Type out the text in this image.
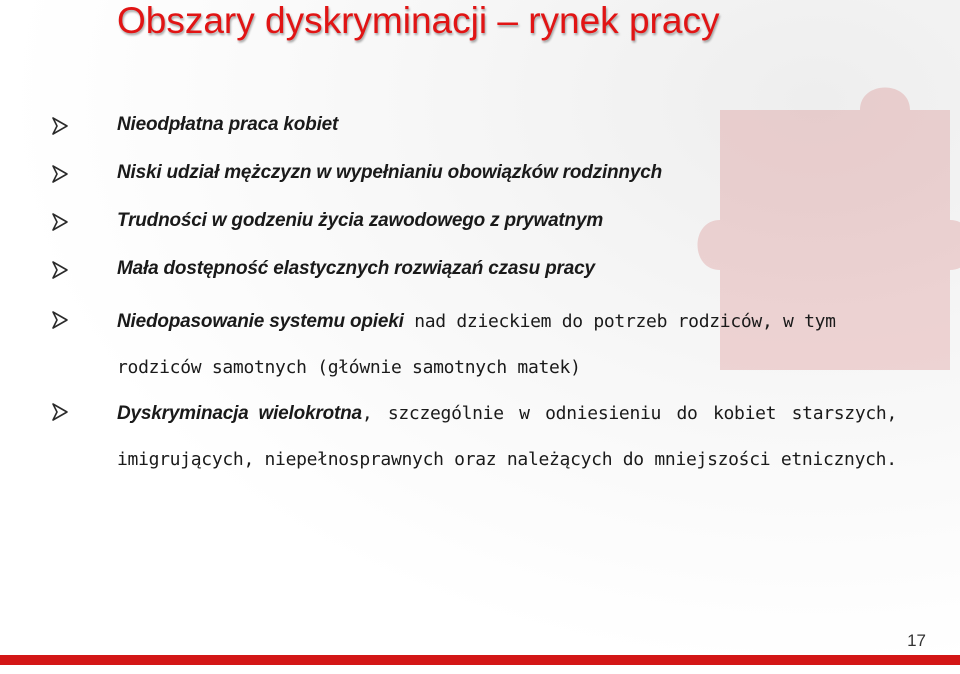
Obszary dyskryminacji – rynek pracy
Nieodpłatna praca kobiet
Niski udział mężczyzn w wypełnianiu obowiązków rodzinnych
Trudności w godzeniu życia zawodowego z prywatnym
Mała dostępność elastycznych rozwiązań czasu pracy
Niedopasowanie systemu opieki nad dzieckiem do potrzeb rodziców, w tym rodziców samotnych (głównie samotnych matek)
Dyskryminacja wielokrotna, szczególnie w odniesieniu do kobiet starszych, imigrujących, niepełnosprawnych oraz należących do mniejszości etnicznych.
17
